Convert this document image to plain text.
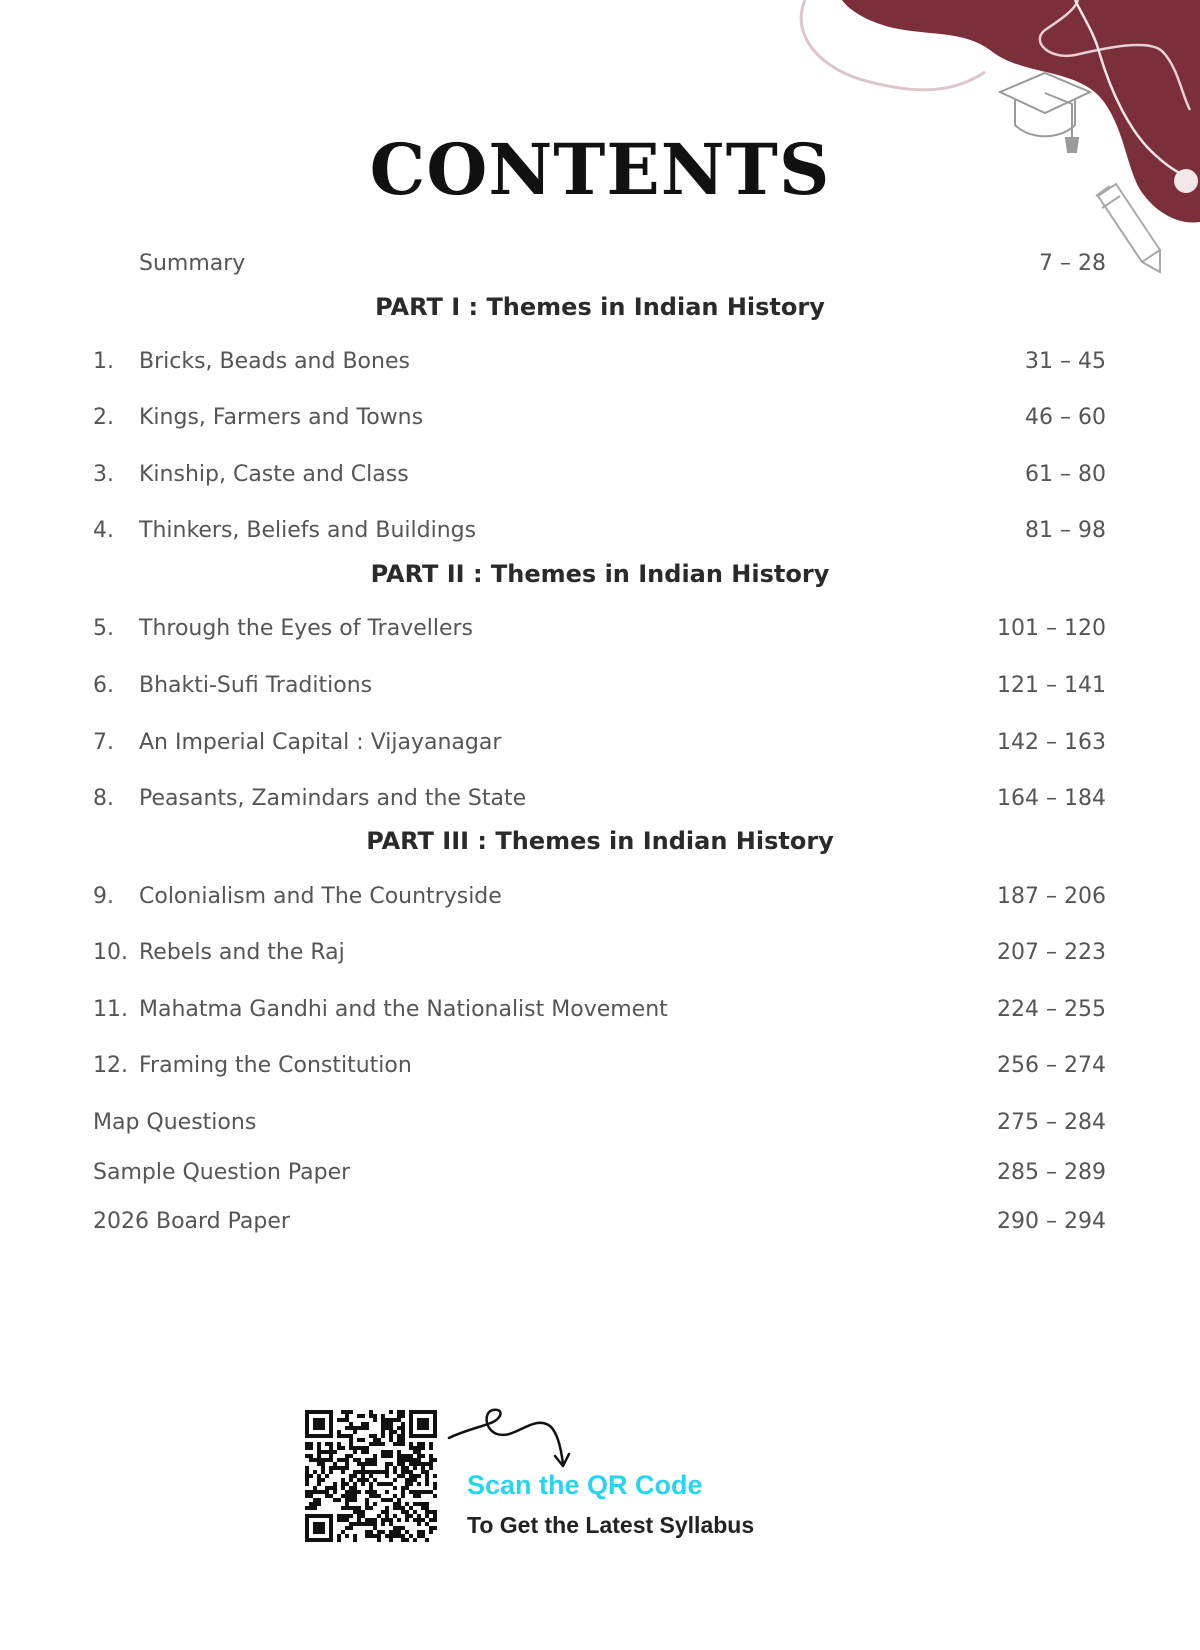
CONTENTS
Summary	7 – 28
PART I : Themes in Indian History
1. Bricks, Beads and Bones	31 – 45
2. Kings, Farmers and Towns	46 – 60
3. Kinship, Caste and Class	61 – 80
4. Thinkers, Beliefs and Buildings	81 – 98
PART II : Themes in Indian History
5. Through the Eyes of Travellers	101 – 120
6. Bhakti-Sufi Traditions	121 – 141
7. An Imperial Capital : Vijayanagar	142 – 163
8. Peasants, Zamindars and the State	164 – 184
PART III : Themes in Indian History
9. Colonialism and The Countryside	187 – 206
10. Rebels and the Raj	207 – 223
11. Mahatma Gandhi and the Nationalist Movement	224 – 255
12. Framing the Constitution	256 – 274
Map Questions	275 – 284
Sample Question Paper	285 – 289
2026 Board Paper	290 – 294
Scan the QR Code
To Get the Latest Syllabus
